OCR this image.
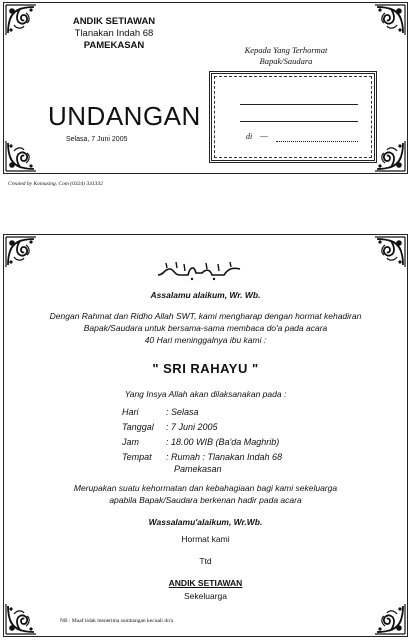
ANDIK SETIAWAN
Tlanakan Indah 68
PAMEKASAN
UNDANGAN
Selasa, 7 Juni 2005
Kepada Yang Terhormat
Bapak/Saudara
di —
Created by Komusing. Com (0324) 331332
Assalamu alaikum, Wr. Wb.
Dengan Rahmat dan Ridho Allah SWT, kami mengharap dengan hormat kehadiran
Bapak/Saudara untuk bersama-sama membaca do'a pada acara
40 Hari meninggalnya ibu kami :
" SRI RAHAYU "
Yang Insya Allah akan dilaksanakan pada :
Hari	: Selasa
Tanggal : 7 Juni 2005
Jam	: 18.00 WIB (Ba'da Maghrib)
Tempat : Rumah : Tlanakan Indah 68
Pamekasan
Merupakan suatu kehormatan dan kebahagiaan bagi kami sekeluarga
apabila Bapak/Saudara berkenan hadir pada acara
Wassalamu'alaikum, Wr.Wb.
Hormat kami
Ttd
ANDIK SETIAWAN
Sekeluarga
NB : Maaf tidak menerima sumbangan kecuali do'a
